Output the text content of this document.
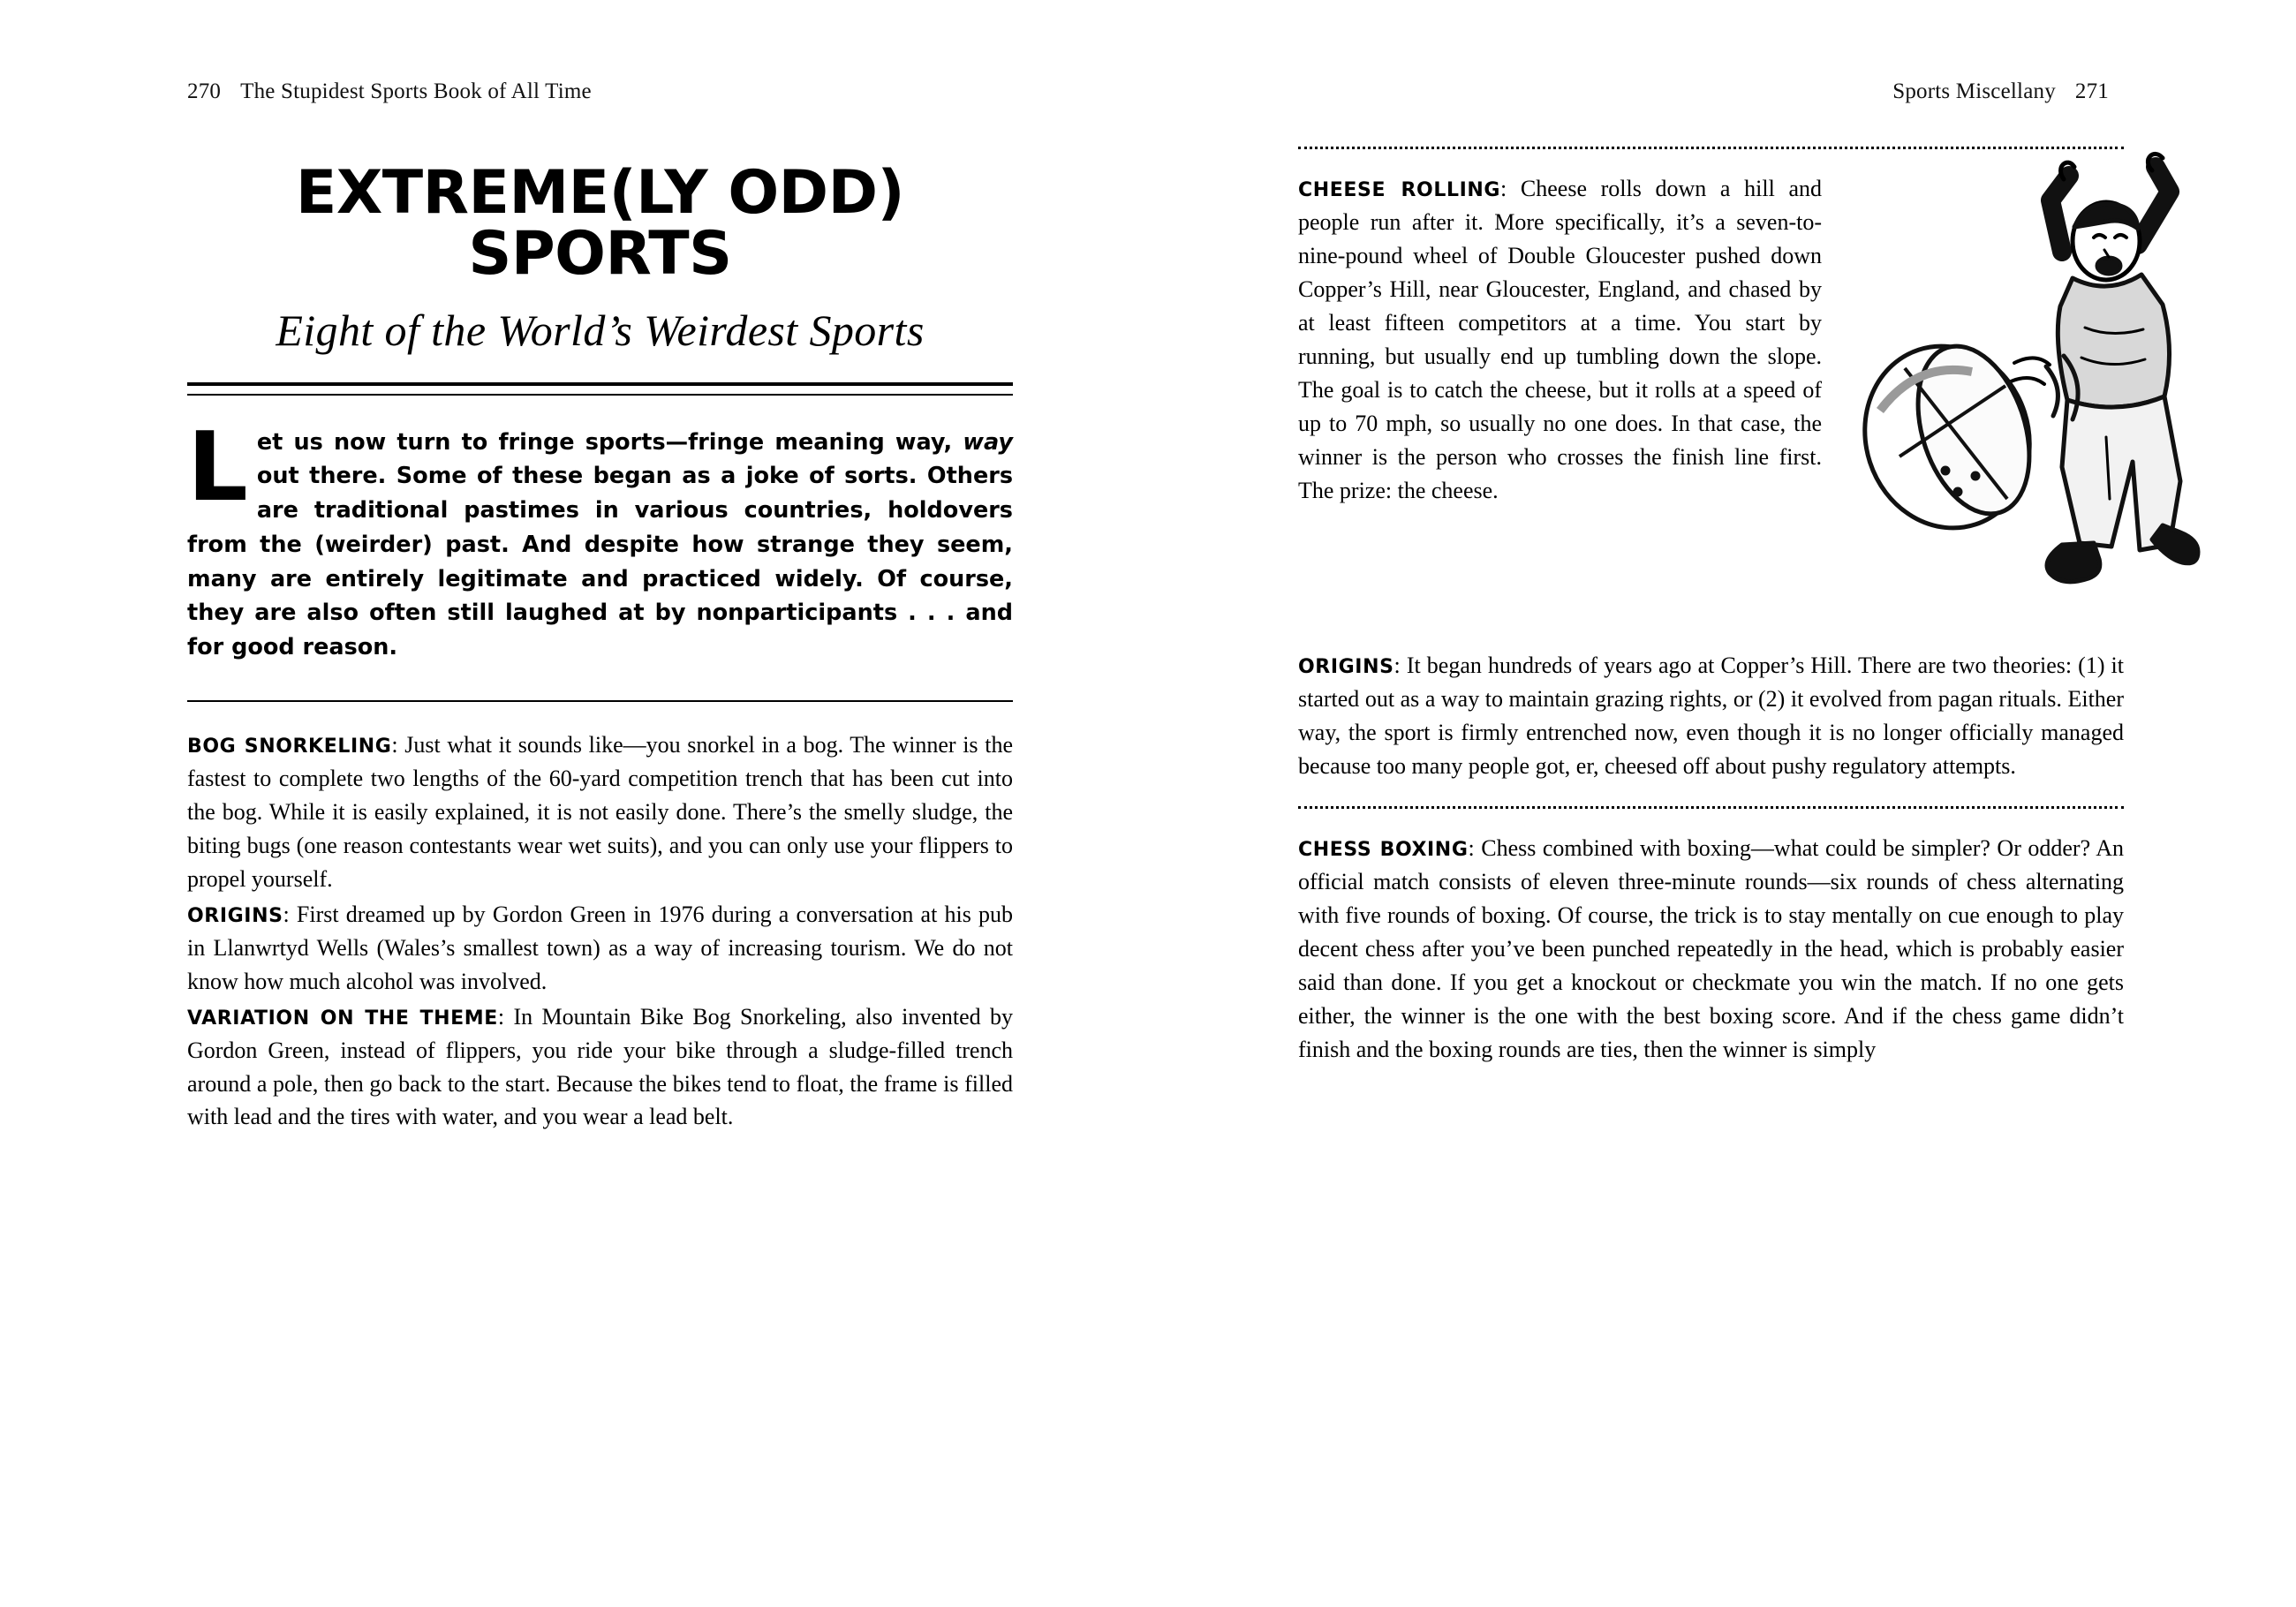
270 The Stupidest Sports Book of All Time	Sports Miscellany 271
EXTREME(LY ODD)
SPORTS
Eight of the World’s Weirdest Sports

Let us now turn to fringe sports—fringe meaning way, way out there. Some of these began as a joke of sorts. Others are traditional pastimes in various countries, holdovers from the (weirder) past. And despite how strange they seem, many are entirely legitimate and practiced widely. Of course, they are also often still laughed at by nonparticipants . . . and for good reason.

BOG SNORKELING: Just what it sounds like—you snorkel in a bog. The winner is the fastest to complete two lengths of the 60-yard competition trench that has been cut into the bog. While it is easily explained, it is not easily done. There’s the smelly sludge, the biting bugs (one reason contestants wear wet suits), and you can only use your flippers to propel yourself.

ORIGINS: First dreamed up by Gordon Green in 1976 during a conversation at his pub in Llanwrtyd Wells (Wales’s smallest town) as a way of increasing tourism. We do not know how much alcohol was involved.

VARIATION ON THE THEME: In Mountain Bike Bog Snorkeling, also invented by Gordon Green, instead of flippers, you ride your bike through a sludge-filled trench around a pole, then go back to the start. Because the bikes tend to float, the frame is filled with lead and the tires with water, and you wear a lead belt.

CHEESE ROLLING: Cheese rolls down a hill and people run after it. More specifically, it’s a seven-to-nine-pound wheel of Double Gloucester pushed down Copper’s Hill, near Gloucester, England, and chased by at least fifteen competitors at a time. You start by running, but usually end up tumbling down the slope. The goal is to catch the cheese, but it rolls at a speed of up to 70 mph, so usually no one does. In that case, the winner is the person who crosses the finish line first. The prize: the cheese.

ORIGINS: It began hundreds of years ago at Copper’s Hill. There are two theories: (1) it started out as a way to maintain grazing rights, or (2) it evolved from pagan rituals. Either way, the sport is firmly entrenched now, even though it is no longer officially managed because too many people got, er, cheesed off about pushy regulatory attempts.

CHESS BOXING: Chess combined with boxing—what could be simpler? Or odder? An official match consists of eleven three-minute rounds—six rounds of chess alternating with five rounds of boxing. Of course, the trick is to stay mentally on cue enough to play decent chess after you’ve been punched repeatedly in the head, which is probably easier said than done. If you get a knockout or checkmate you win the match. If no one gets either, the winner is the one with the best boxing score. And if the chess game didn’t finish and the boxing rounds are ties, then the winner is simply
